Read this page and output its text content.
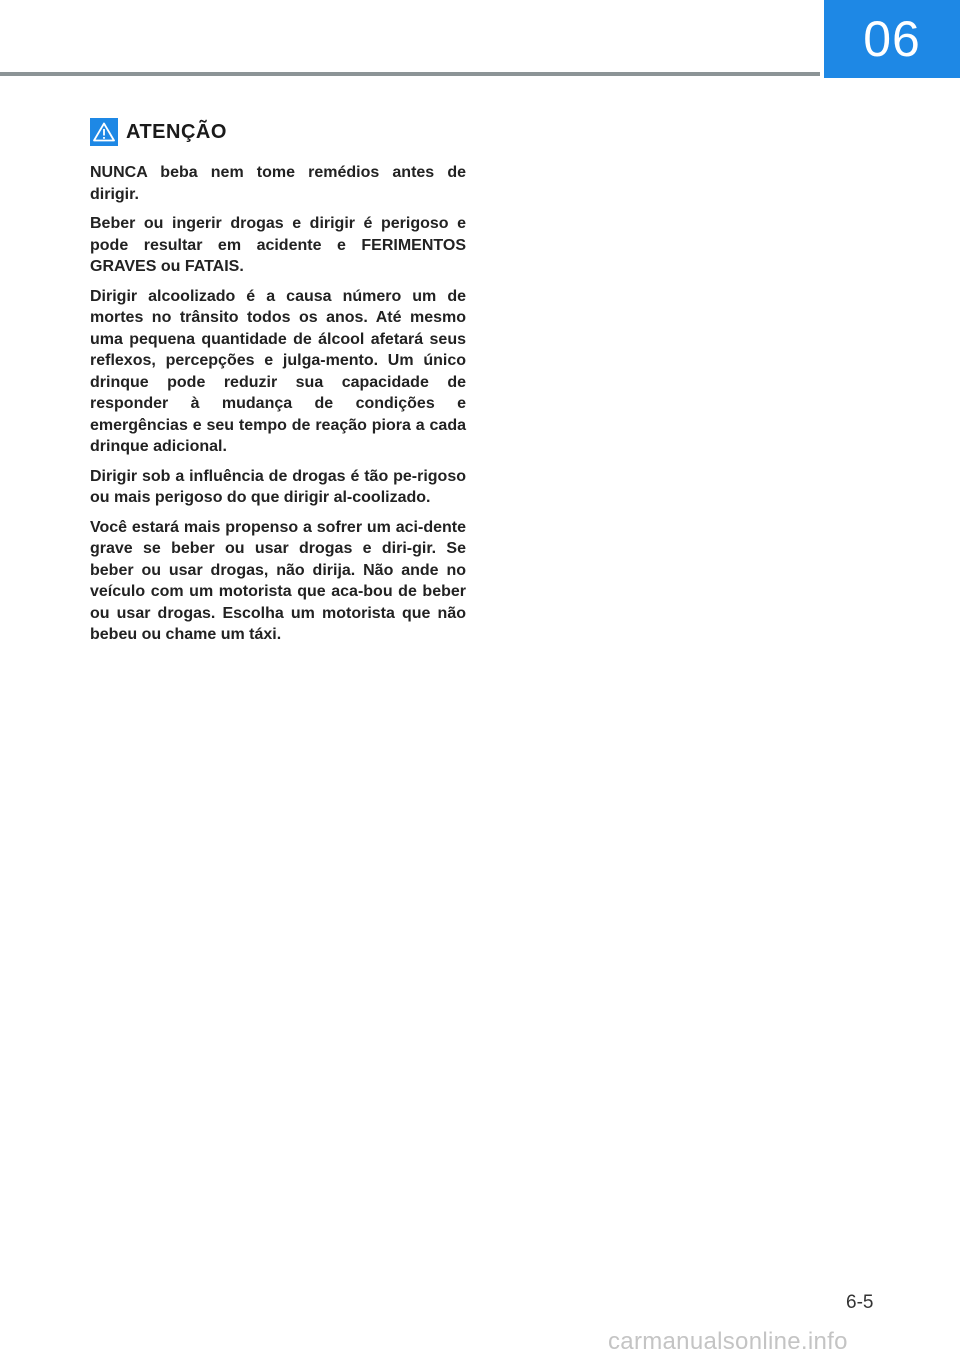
06
ATENÇÃO

NUNCA beba nem tome remédios antes de dirigir.

Beber ou ingerir drogas e dirigir é perigoso e pode resultar em acidente e FERIMENTOS GRAVES ou FATAIS.

Dirigir alcoolizado é a causa número um de mortes no trânsito todos os anos. Até mesmo uma pequena quantidade de álcool afetará seus reflexos, percepções e julga-mento. Um único drinque pode reduzir sua capacidade de responder à mudança de condições e emergências e seu tempo de reação piora a cada drinque adicional.

Dirigir sob a influência de drogas é tão pe-rigoso ou mais perigoso do que dirigir al-coolizado.

Você estará mais propenso a sofrer um aci-dente grave se beber ou usar drogas e diri-gir. Se beber ou usar drogas, não dirija. Não ande no veículo com um motorista que aca-bou de beber ou usar drogas. Escolha um motorista que não bebeu ou chame um táxi.

6-5
carmanualsonline.info
